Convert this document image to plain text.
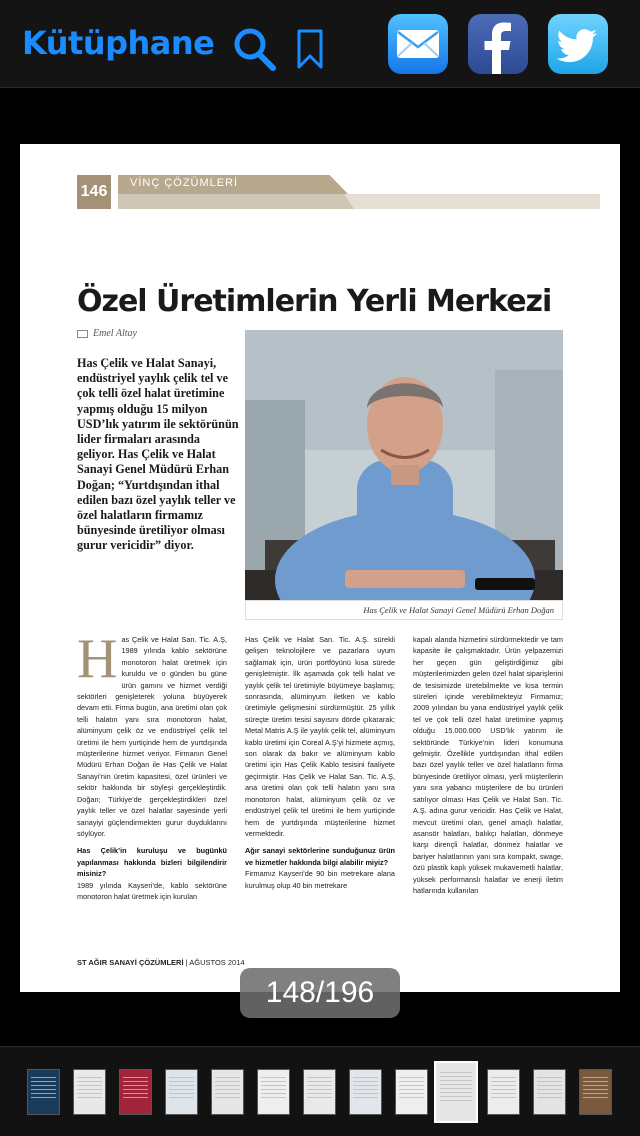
Kütüphane
146	VİNÇ ÇÖZÜMLERİ
Özel Üretimlerin Yerli Merkezi
Emel Altay
Has Çelik ve Halat Sanayi, endüstriyel yaylık çelik tel ve çok telli özel halat üretimine yapmış olduğu 15 milyon USD’lık yatırım ile sektörünün lider firmaları arasında geliyor. Has Çelik ve Halat Sanayi Genel Müdürü Erhan Doğan; “Yurtdışından ithal edilen bazı özel yaylık teller ve özel halatların firmamız bünyesinde üretiliyor olması gurur vericidir” diyor.
Has Çelik ve Halat Sanayi Genel Müdürü Erhan Doğan
H as Çelik ve Halat San. Tic. A.Ş, 1989 yılında kablo sektörüne monotoron halat üretmek için kuruldu ve o günden bu güne ürün gamını ve hizmet verdiği sektörleri genişleterek yoluna büyüyerek devam etti. Firma bugün, ana üretimi olan çok telli halatın yanı sıra monotoron halat, alüminyum çelik öz ve endüstriyel çelik tel üretimi ile hem yurtiçinde hem de yurtdışında müşterilerine hizmet veriyor. Firmanın Genel Müdürü Erhan Doğan ile Has Çelik ve Halat Sanayi’nin üretim kapasitesi, özel ürünleri ve sektör hakkında bir söyleşi gerçekleştirdik. Doğan; Türkiye’de gerçekleştirdikleri özel yaylık teller ve özel halatlar sayesinde yerli sanayiyi güçlendirmekten gurur duyduklarını söylüyor.
Has Çelik’in kuruluşu ve bugünkü yapılanması hakkında bizleri bilgilendirir misiniz?
1989 yılında Kayseri’de, kablo sektörüne monotoron halat üretmek için kurulan
Has Çelik ve Halat San. Tic. A.Ş. sürekli gelişen teknolojilere ve pazarlara uyum sağlamak için, ürün portföyünü kısa sürede genişletmiştir. İlk aşamada çok telli halat ve yaylık çelik tel üretimiyle büyümeye başlamış; sonrasında, alüminyum iletken ve kablo üretimiyle gelişmesini sürdürmüştür. 25 yıllık süreçte üretim tesisi sayısını dörde çıkararak; Metal Matris A.Ş ile yaylık çelik tel, alüminyum kablo üretimi için Coreal A.Ş’yi hizmete açmış, son olarak da bakır ve alüminyum kablo üretimi için Has Çelik Kablo tesisini faaliyete geçirmiştir. Has Çelik ve Halat San. Tic. A.Ş, ana üretimi olan çok telli halatın yanı sıra monotoron halat, alüminyum çelik öz ve endüstriyel çelik tel üretimi ile hem yurtiçinde hem de yurtdışında müşterilerine hizmet vermektedir.
Ağır sanayi sektörlerine sunduğunuz ürün ve hizmetler hakkında bilgi alabilir miyiz?
Firmamız Kayseri’de 90 bin metrekare alana kurulmuş olup 40 bin metrekare
kapalı alanda hizmetini sürdürmektedir ve tam kapasite ile çalışmaktadır. Ürün yelpazemizi her geçen gün geliştirdiğimiz gibi müşterilerimizden gelen özel halat siparişlerini de tesisimizde üretebilmekte ve kısa termin süreleri içinde verebilmekteyiz Firmamız; 2009 yılından bu yana endüstriyel yaylık çelik tel ve çok telli özel halat üretimine yapmış olduğu 15.000.000 USD’lık yatırım ile sektöründe Türkiye’nin lideri konumuna gelmiştir. Özellikle yurtdışından ithal edilen bazı özel yaylık teller ve özel halatların firma bünyesinde üretiliyor olması, yerli müşterilerin yanı sıra yabancı müşterilere de bu ürünleri satılıyor olması Has Çelik ve Halat San. Tic. A.Ş. adına gurur vericidir. Has Çelik ve Halat, mevcut üretimi olan, genel amaçlı halatlar, asansör halatları, balıkçı halatları, dönmeye karşı dirençli halatlar, dönmez halatlar ve bariyer halatlarının yanı sıra kompakt, swage, özü plastik kaplı yüksek mukavemetli halatlar, yüksek performanslı halatlar ve enerji iletim hatlarında kullanılan
ST AĞIR SANAYİ ÇÖZÜMLERİ | AĞUSTOS 2014
148/196
